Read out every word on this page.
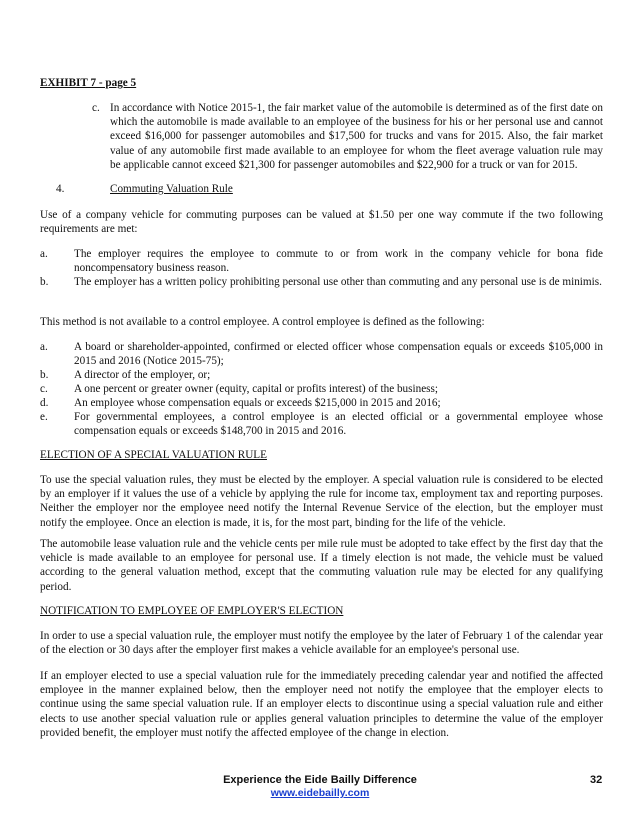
EXHIBIT 7 - page 5
c. In accordance with Notice 2015-1, the fair market value of the automobile is determined as of the first date on which the automobile is made available to an employee of the business for his or her personal use and cannot exceed $16,000 for passenger automobiles and $17,500 for trucks and vans for 2015. Also, the fair market value of any automobile first made available to an employee for whom the fleet average valuation rule may be applicable cannot exceed $21,300 for passenger automobiles and $22,900 for a truck or van for 2015.

4.	Commuting Valuation Rule

Use of a company vehicle for commuting purposes can be valued at $1.50 per one way commute if the two following requirements are met:

a. The employer requires the employee to commute to or from work in the company vehicle for bona fide noncompensatory business reason.

b. The employer has a written policy prohibiting personal use other than commuting and any personal use is de minimis.

This method is not available to a control employee. A control employee is defined as the following:

a. A board or shareholder-appointed, confirmed or elected officer whose compensation equals or exceeds $105,000 in 2015 and 2016 (Notice 2015-75);

b. A director of the employer, or;

c. A one percent or greater owner (equity, capital or profits interest) of the business;

d. An employee whose compensation equals or exceeds $215,000 in 2015 and 2016;

e. For governmental employees, a control employee is an elected official or a governmental employee whose compensation equals or exceeds $148,700 in 2015 and 2016.

ELECTION OF A SPECIAL VALUATION RULE

To use the special valuation rules, they must be elected by the employer. A special valuation rule is considered to be elected by an employer if it values the use of a vehicle by applying the rule for income tax, employment tax and reporting purposes. Neither the employer nor the employee need notify the Internal Revenue Service of the election, but the employer must notify the employee. Once an election is made, it is, for the most part, binding for the life of the vehicle.

The automobile lease valuation rule and the vehicle cents per mile rule must be adopted to take effect by the first day that the vehicle is made available to an employee for personal use. If a timely election is not made, the vehicle must be valued according to the general valuation method, except that the commuting valuation rule may be elected for any qualifying period.

NOTIFICATION TO EMPLOYEE OF EMPLOYER'S ELECTION

In order to use a special valuation rule, the employer must notify the employee by the later of February 1 of the calendar year of the election or 30 days after the employer first makes a vehicle available for an employee's personal use.

If an employer elected to use a special valuation rule for the immediately preceding calendar year and notified the affected employee in the manner explained below, then the employer need not notify the employee that the employer elects to continue using the same special valuation rule. If an employer elects to discontinue using a special valuation rule and either elects to use another special valuation rule or applies general valuation principles to determine the value of the employer provided benefit, the employer must notify the affected employee of the change in election.

Experience the Eide Bailly Difference
www.eidebailly.com
32
